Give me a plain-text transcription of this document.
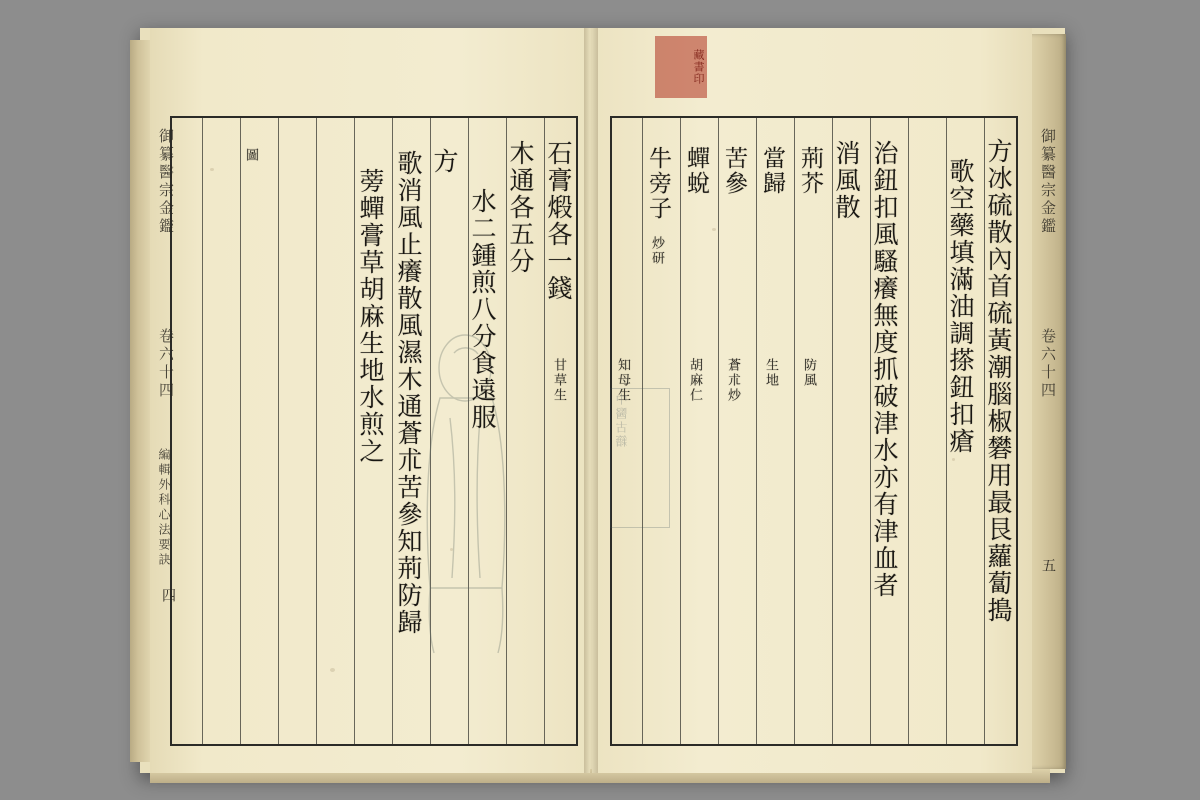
中醫古籍	方冰硫散內首硫黃潮腦椒礬用最艮蘿蔔搗
歌空藥填滿油調搽鈕扣瘡
治鈕扣風騷癢無度抓破津水亦有津血者
消風散
荊芥
防風
當歸
生地
苦參
蒼朮炒
蟬蛻
胡麻仁
牛旁子
炒研
知母生
石膏煅各一錢
甘草生
木通各五分
水二鍾煎八分食遠服
方
歌消風止癢散風濕木通蒼朮苦參知荊防歸
蒡蟬膏草胡麻生地水煎之
圖
御纂醫宗金鑑
卷六十四
編輯外科心法要訣
四
御纂醫宗金鑑
卷六十四
五
藏書印
